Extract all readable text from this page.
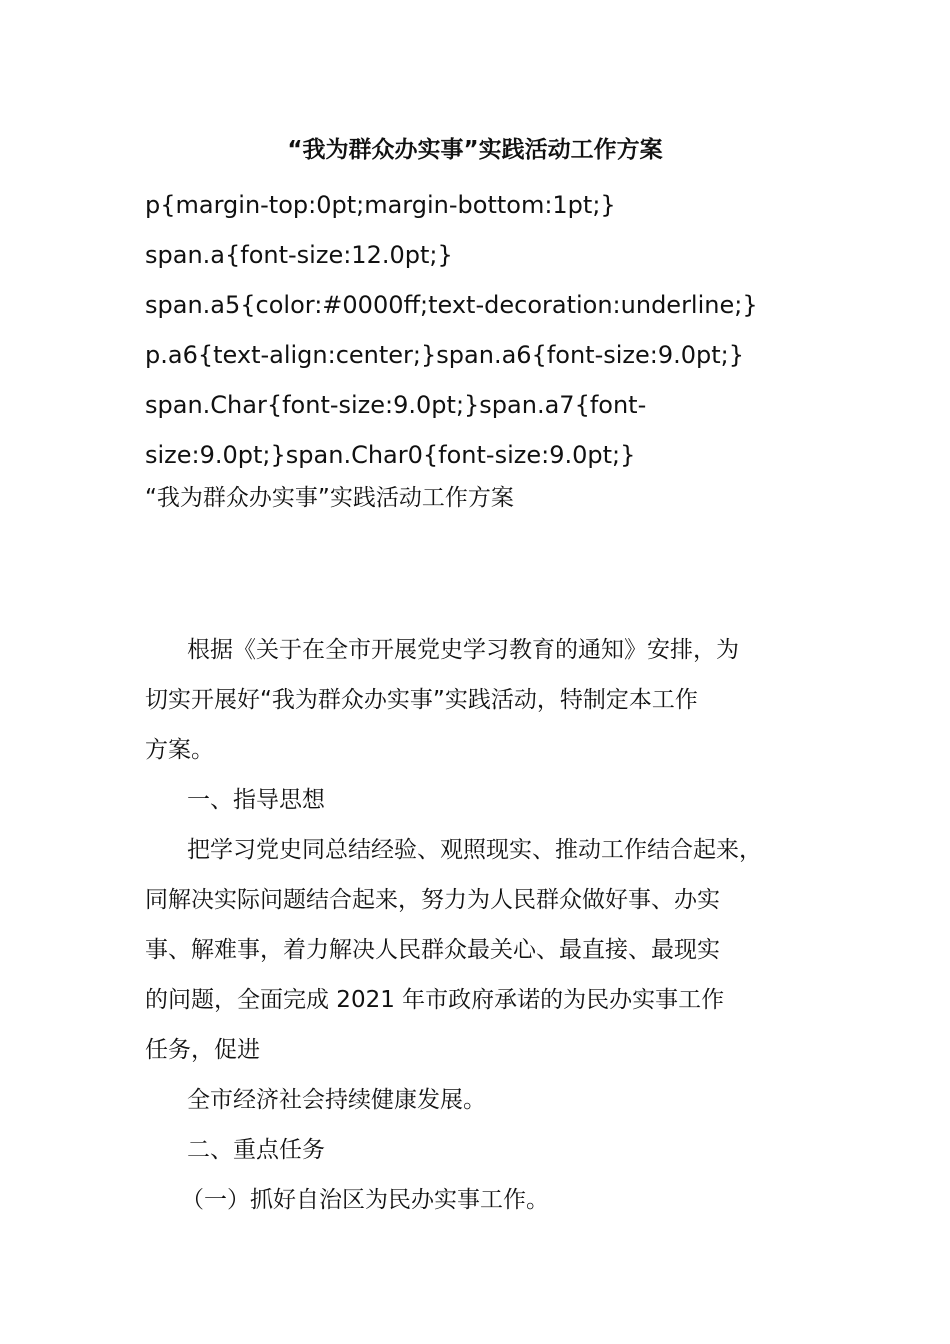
“我为群众办实事”实践活动工作方案
p{margin-top:0pt;margin-bottom:1pt;}
span.a{font-size:12.0pt;}
span.a5{color:#0000ff;text-decoration:underline;}
p.a6{text-align:center;}span.a6{font-size:9.0pt;}
span.Char{font-size:9.0pt;}span.a7{font-
size:9.0pt;}span.Char0{font-size:9.0pt;}

“我为群众办实事”实践活动工作方案

根据《关于在全市开展党史学习教育的通知》安排，为

切实开展好“我为群众办实事”实践活动，特制定本工作

方案。

一、指导思想

把学习党史同总结经验、观照现实、推动工作结合起来，

同解决实际问题结合起来，努力为人民群众做好事、办实

事、解难事，着力解决人民群众最关心、最直接、最现实

的问题，全面完成 2021 年市政府承诺的为民办实事工作

任务，促进

全市经济社会持续健康发展。

二、重点任务

（一）抓好自治区为民办实事工作。
